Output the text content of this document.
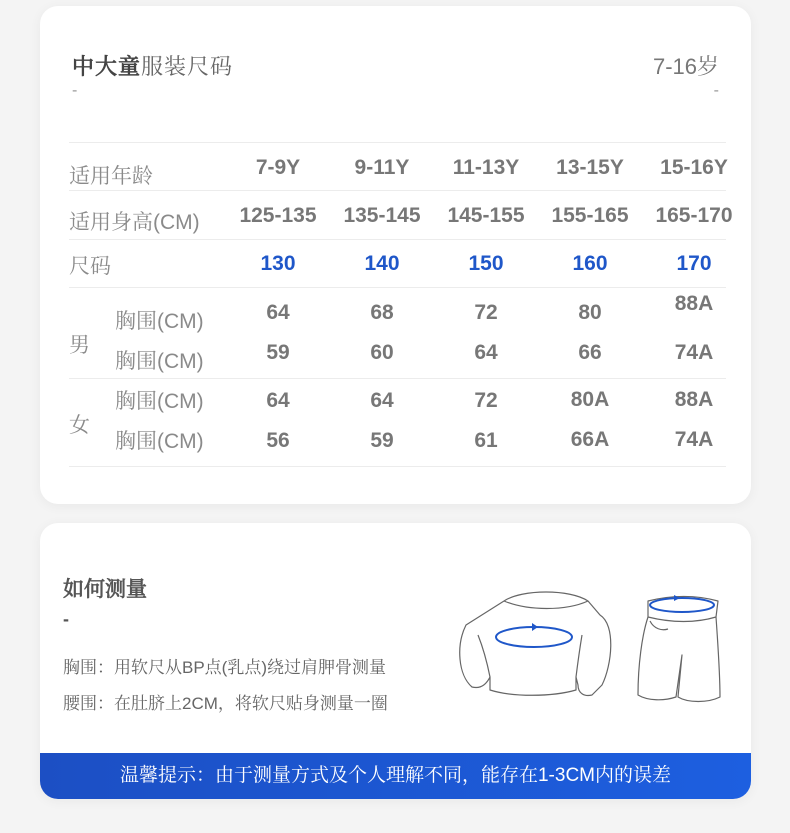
中大童服装尺码	7-16岁
-	-
适用年龄	7-9Y	9-11Y	11-13Y	13-15Y	15-16Y
适用身高(CM)	125-135	135-145	145-155	155-165	165-170
尺码	130	140	150	160	170
男
胸围(CM)	64	68	72	80	88A
胸围(CM)	59	60	64	66	74A
女
胸围(CM)	64	64	72	80A	88A
胸围(CM)	56	59	61	66A	74A
如何测量
-
胸围：用软尺从BP点(乳点)绕过肩胛骨测量
腰围：在肚脐上2CM，将软尺贴身测量一圈
温馨提示：由于测量方式及个人理解不同，能存在1-3CM内的误差
